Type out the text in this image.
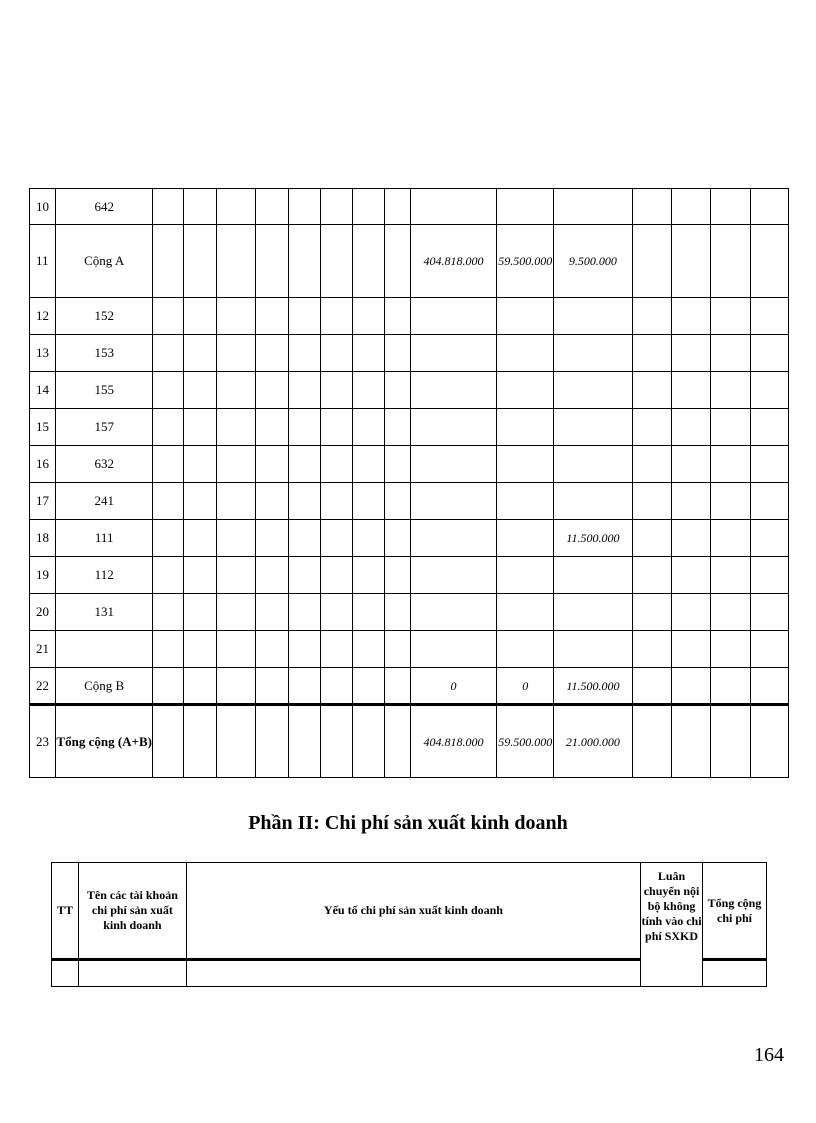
10	642															
11	Cộng A									404.818.000	59.500.000	9.500.000				
12	152															
13	153															
14	155															
15	157															
16	632															
17	241															
18	111											11.500.000				
19	112															
20	131															
21																
22	Cộng B									0	0	11.500.000				
23	Tổng cộng (A+B)									404.818.000	59.500.000	21.000.000				
Phần II: Chi phí sản xuất kinh doanh
TT	Tên các tài khoản chi phí sản xuất kinh doanh	Yếu tố chi phí sản xuất kinh doanh	Luân chuyển nội bộ không tính vào chi phí SXKD	Tổng cộng chi phí

164
